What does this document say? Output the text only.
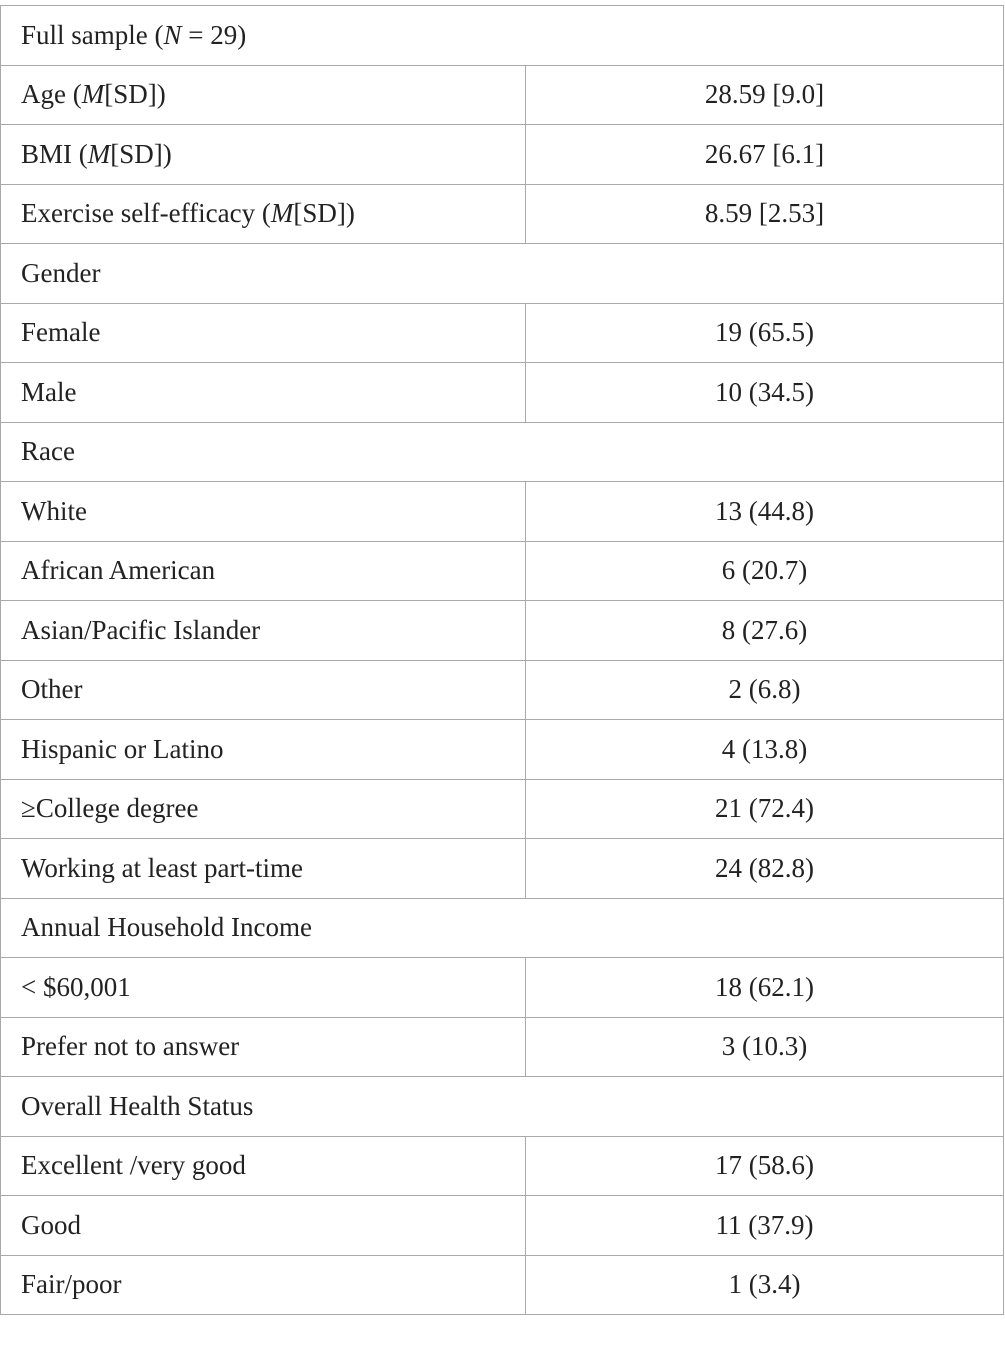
Full sample (N = 29)	
Age (M[SD])	28.59 [9.0]
BMI (M[SD])	26.67 [6.1]
Exercise self-efficacy (M[SD])	8.59 [2.53]
Gender	
Female	19 (65.5)
Male	10 (34.5)
Race	
White	13 (44.8)
African American	6 (20.7)
Asian/Pacific Islander	8 (27.6)
Other	2 (6.8)
Hispanic or Latino	4 (13.8)
≥College degree	21 (72.4)
Working at least part-time	24 (82.8)
Annual Household Income	
< $60,001	18 (62.1)
Prefer not to answer	3 (10.3)
Overall Health Status	
Excellent /very good	17 (58.6)
Good	11 (37.9)
Fair/poor	1 (3.4)
